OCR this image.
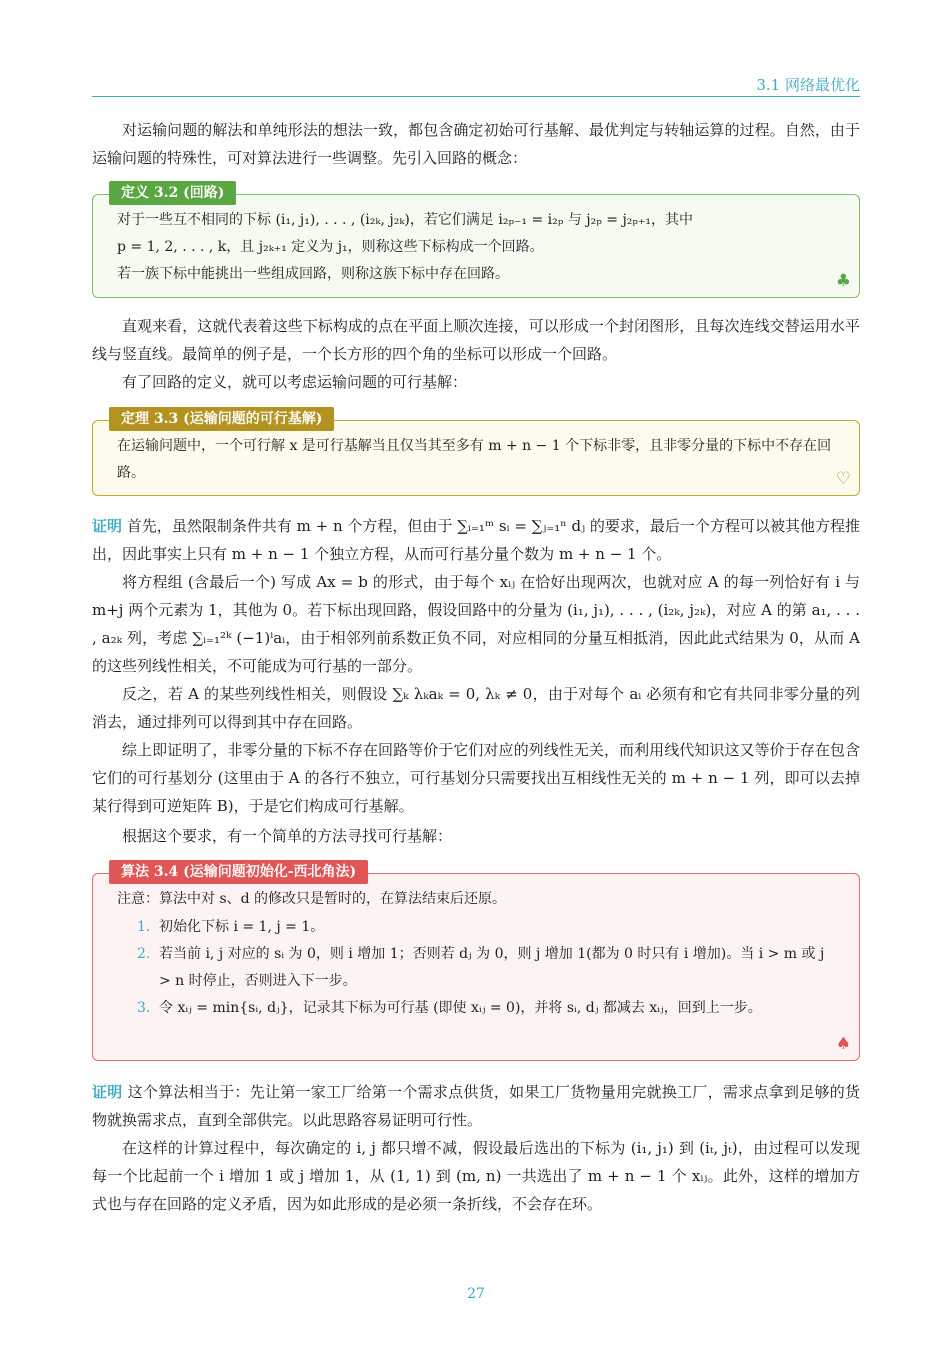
3.1 网络最优化

对运输问题的解法和单纯形法的想法一致，都包含确定初始可行基解、最优判定与转轴运算的过程。自然，由于运输问题的特殊性，可对算法进行一些调整。先引入回路的概念：

定义 3.2 (回路)
对于一些互不相同的下标 (i₁, j₁), . . . , (i₂ₖ, j₂ₖ)，若它们满足 i₂ₚ₋₁ = i₂ₚ 与 j₂ₚ = j₂ₚ₊₁，其中
p = 1, 2, . . . , k，且 j₂ₖ₊₁ 定义为 j₁，则称这些下标构成一个回路。
若一族下标中能挑出一些组成回路，则称这族下标中存在回路。	♣

直观来看，这就代表着这些下标构成的点在平面上顺次连接，可以形成一个封闭图形，且每次连线交替运用水平线与竖直线。最简单的例子是，一个长方形的四个角的坐标可以形成一个回路。

有了回路的定义，就可以考虑运输问题的可行基解：

定理 3.3 (运输问题的可行基解)
在运输问题中，一个可行解 x 是可行基解当且仅当其至多有 m + n − 1 个下标非零，且非零分量的下标中不存在回路。	♡
证明 首先，虽然限制条件共有 m + n 个方程，但由于 ∑ᵢ₌₁ᵐ sᵢ = ∑ⱼ₌₁ⁿ dⱼ 的要求，最后一个方程可以被其他方程推出，因此事实上只有 m + n − 1 个独立方程，从而可行基分量个数为 m + n − 1 个。
将方程组 (含最后一个) 写成 Ax = b 的形式，由于每个 xᵢⱼ 在恰好出现两次，也就对应 A 的每一列恰好有 i 与 m+j 两个元素为 1，其他为 0。若下标出现回路，假设回路中的分量为 (i₁, j₁), . . . , (i₂ₖ, j₂ₖ)，对应 A 的第 a₁, . . . , a₂ₖ 列，考虑 ∑ᵢ₌₁²ᵏ (−1)ⁱaᵢ，由于相邻列前系数正负不同，对应相同的分量互相抵消，因此此式结果为 0，从而 A 的这些列线性相关，不可能成为可行基的一部分。
反之，若 A 的某些列线性相关，则假设 ∑ₖ λₖaₖ = 0, λₖ ≠ 0，由于对每个 aᵢ 必须有和它有共同非零分量的列消去，通过排列可以得到其中存在回路。
综上即证明了，非零分量的下标不存在回路等价于它们对应的列线性无关，而利用线代知识这又等价于存在包含它们的可行基划分 (这里由于 A 的各行不独立，可行基划分只需要找出互相线性无关的 m + n − 1 列，即可以去掉某行得到可逆矩阵 B)，于是它们构成可行基解。

根据这个要求，有一个简单的方法寻找可行基解：

算法 3.4 (运输问题初始化-西北角法)
注意：算法中对 s、d 的修改只是暂时的，在算法结束后还原。
1. 初始化下标 i = 1, j = 1。
2. 若当前 i, j 对应的 sᵢ 为 0，则 i 增加 1；否则若 dⱼ 为 0，则 j 增加 1(都为 0 时只有 i 增加)。当 i > m 或 j > n 时停止，否则进入下一步。
3. 令 xᵢⱼ = min{sᵢ, dⱼ}，记录其下标为可行基 (即使 xᵢⱼ = 0)，并将 sᵢ, dⱼ 都减去 xᵢⱼ，回到上一步。
♠
证明 这个算法相当于：先让第一家工厂给第一个需求点供货，如果工厂货物量用完就换工厂，需求点拿到足够的货物就换需求点，直到全部供完。以此思路容易证明可行性。
在这样的计算过程中，每次确定的 i, j 都只增不减，假设最后选出的下标为 (i₁, j₁) 到 (iₜ, jₜ)，由过程可以发现每一个比起前一个 i 增加 1 或 j 增加 1，从 (1, 1) 到 (m, n) 一共选出了 m + n − 1 个 xᵢⱼ。此外，这样的增加方式也与存在回路的定义矛盾，因为如此形成的是必须一条折线，不会存在环。
27
